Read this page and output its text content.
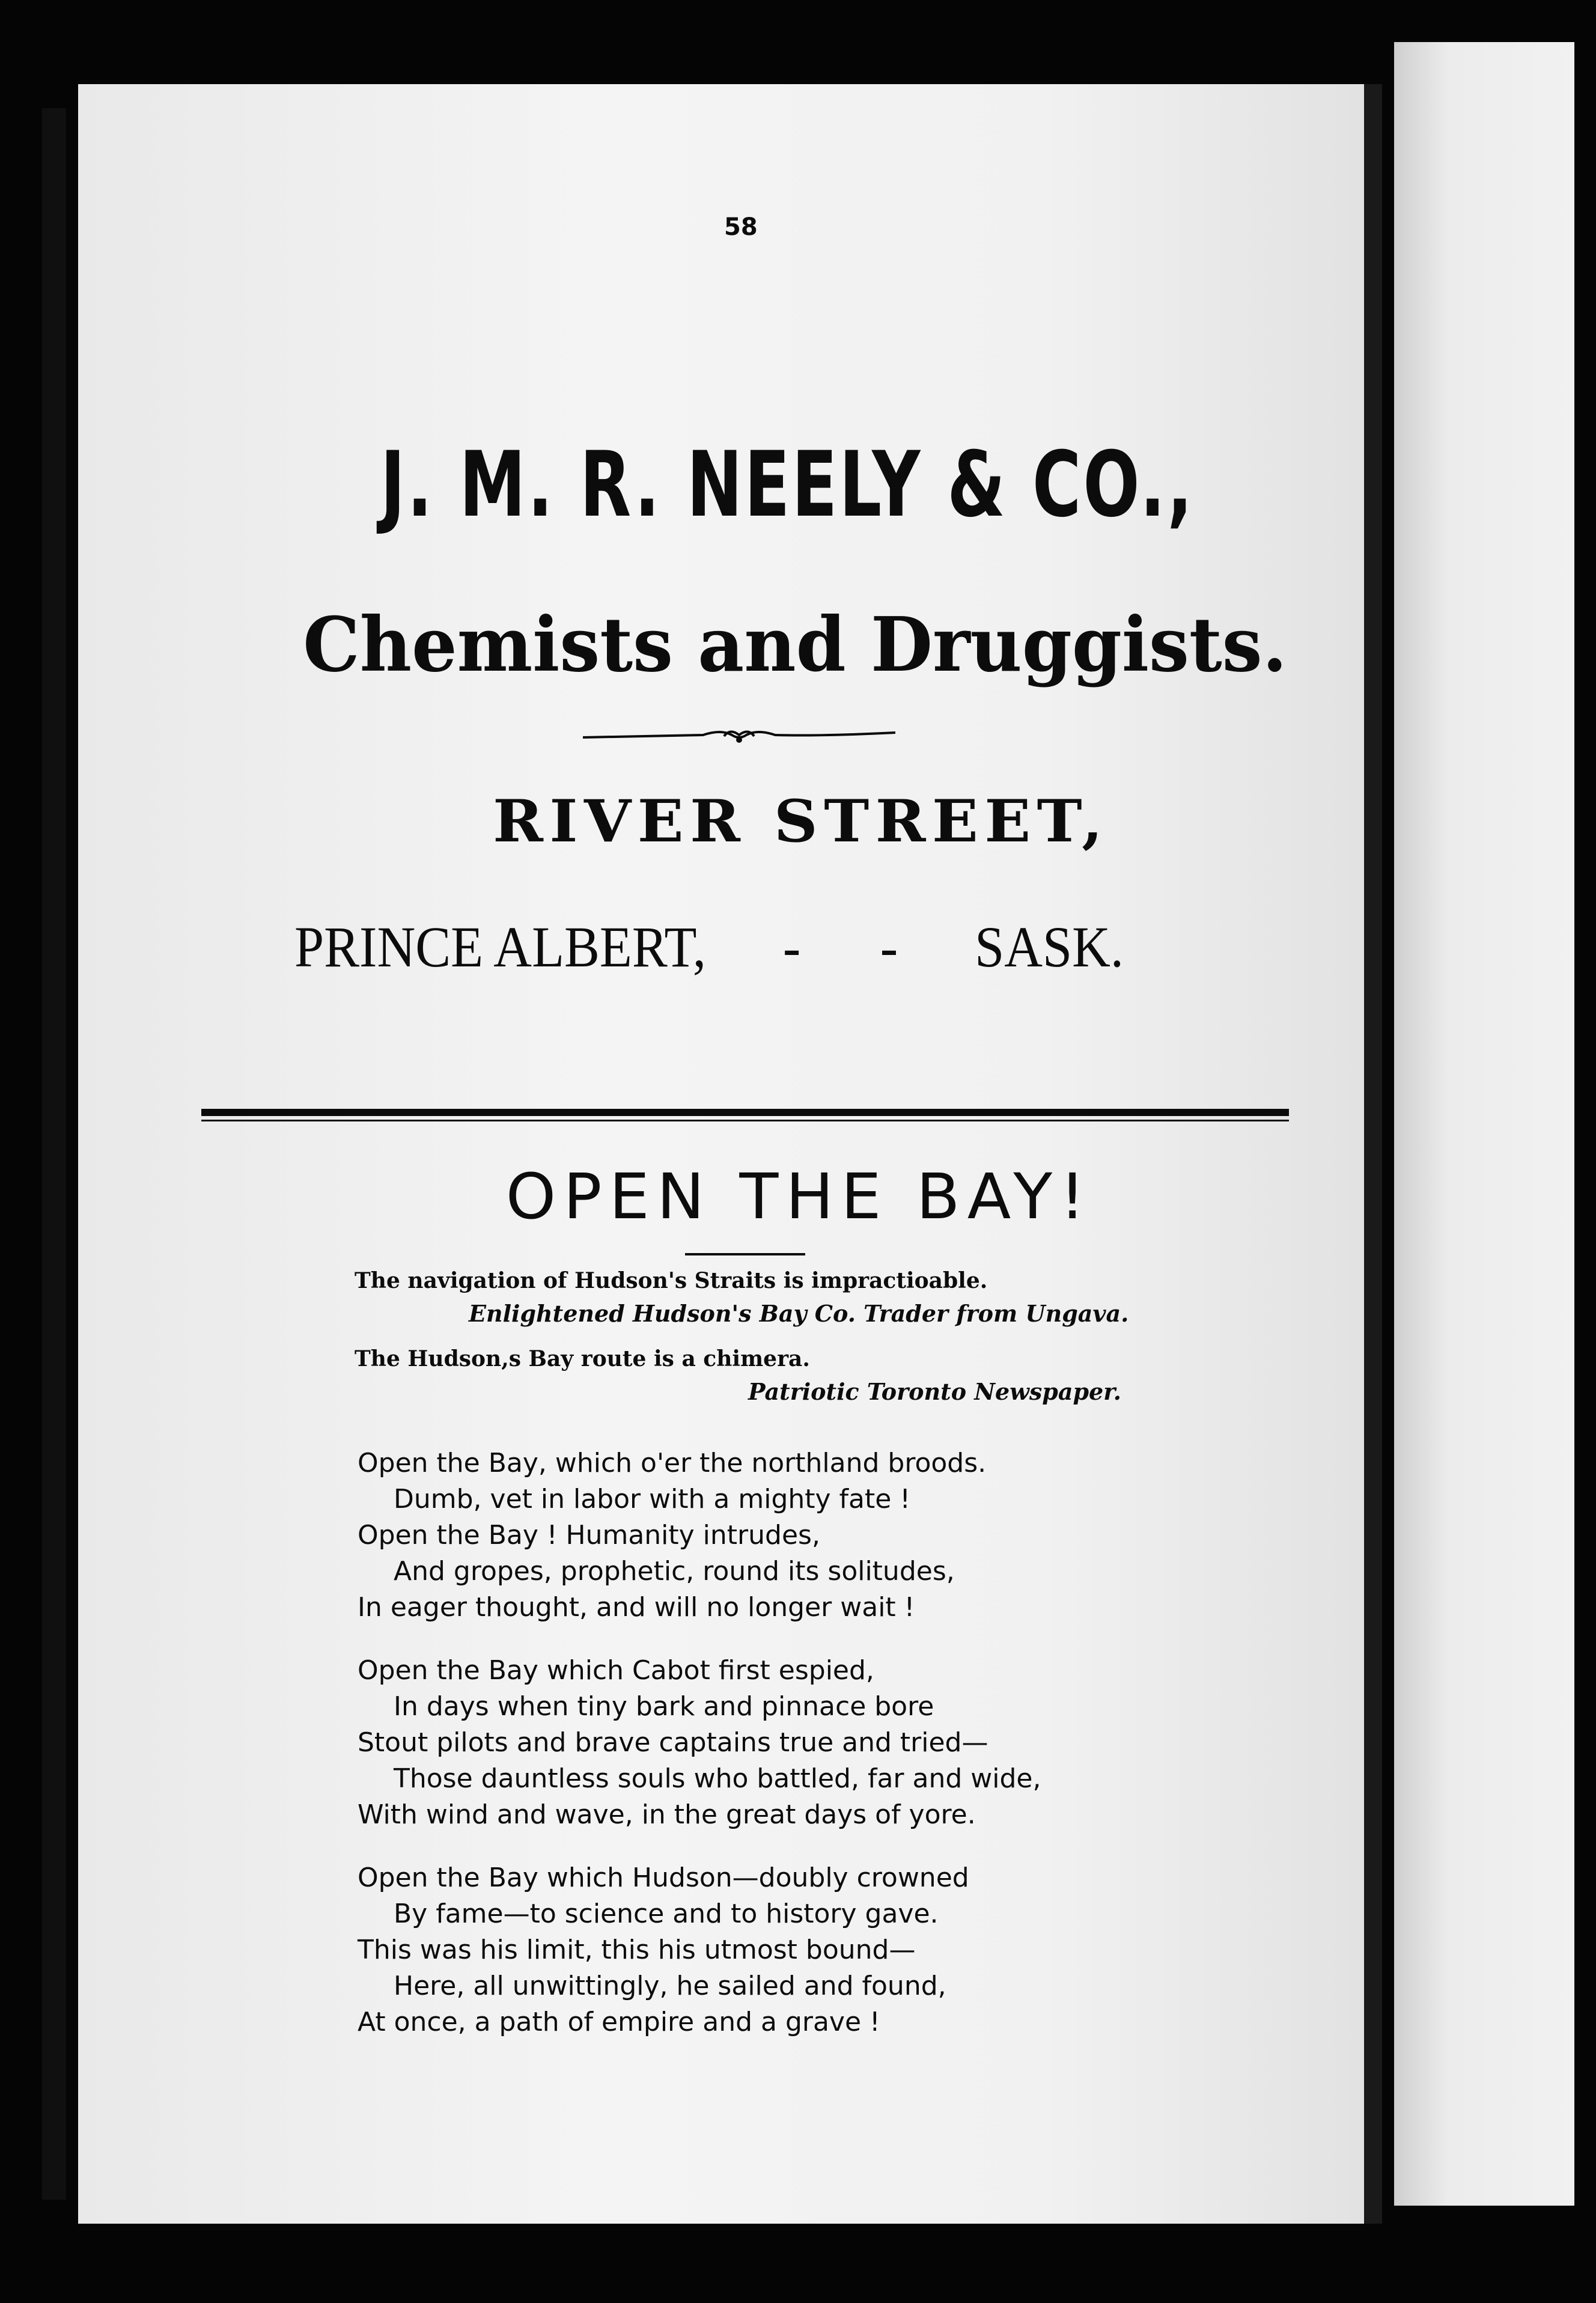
58
J. M. R. NEELY & CO.,
Chemists and Druggists.
RIVER STREET,
PRINCE ALBERT, -      - SASK.
OPEN THE BAY!
The navigation of Hudson's Straits is impractioable.
Enlightened Hudson's Bay Co. Trader from Ungava.
The Hudson,s Bay route is a chimera.
Patriotic Toronto Newspaper.
Open the Bay, which o'er the northland broods.
Dumb, vet in labor with a mighty fate !
Open the Bay ! Humanity intrudes,
And gropes, prophetic, round its solitudes,
In eager thought, and will no longer wait !
Open the Bay which Cabot first espied,
In days when tiny bark and pinnace bore
Stout pilots and brave captains true and tried—
Those dauntless souls who battled, far and wide,
With wind and wave, in the great days of yore.
Open the Bay which Hudson—doubly crowned
By fame—to science and to history gave.
This was his limit, this his utmost bound—
Here, all unwittingly, he sailed and found,
At once, a path of empire and a grave !
